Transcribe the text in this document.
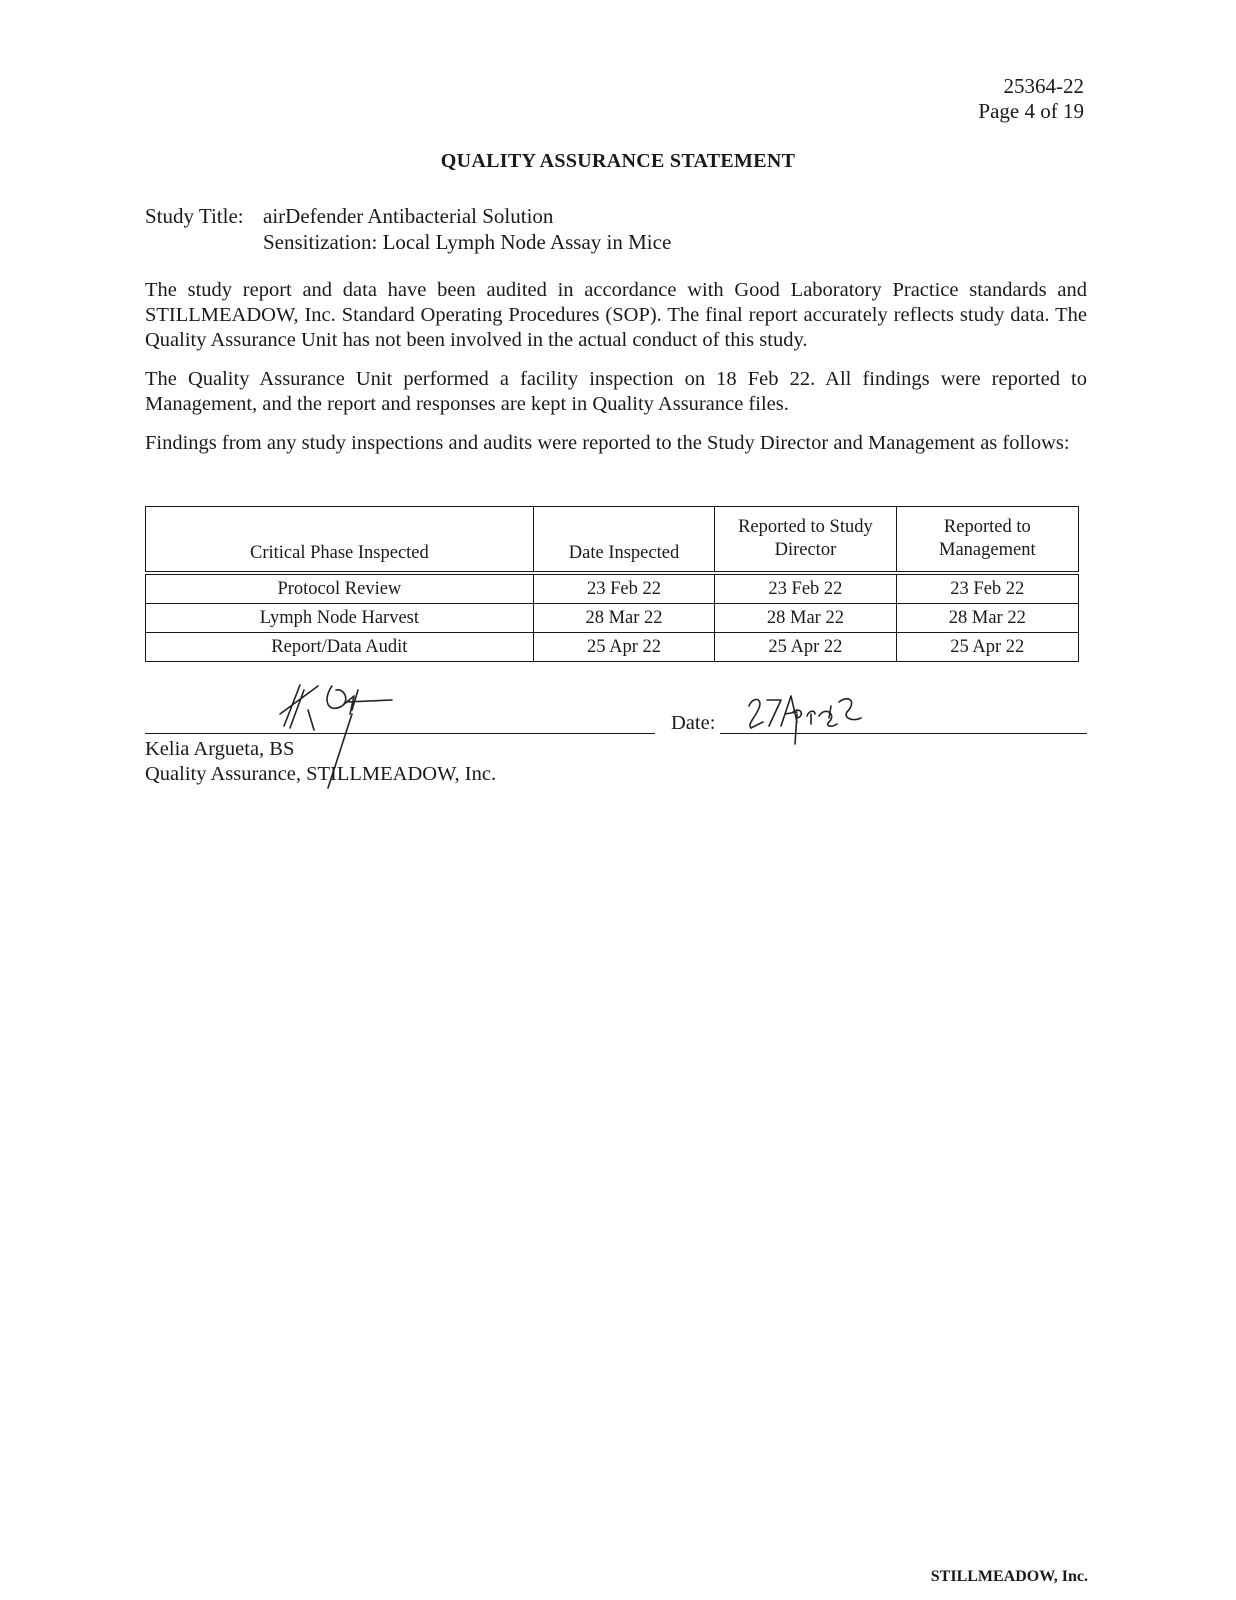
25364-22
Page 4 of 19
QUALITY ASSURANCE STATEMENT
Study Title: airDefender Antibacterial Solution
Sensitization: Local Lymph Node Assay in Mice

The study report and data have been audited in accordance with Good Laboratory Practice standards and STILLMEADOW, Inc. Standard Operating Procedures (SOP). The final report accurately reflects study data. The Quality Assurance Unit has not been involved in the actual conduct of this study.

The Quality Assurance Unit performed a facility inspection on 18 Feb 22. All findings were reported to Management, and the report and responses are kept in Quality Assurance files.

Findings from any study inspections and audits were reported to the Study Director and Management as follows:

Critical Phase Inspected	Date Inspected	Reported to Study Director	Reported to Management
Protocol Review	23 Feb 22	23 Feb 22	23 Feb 22
Lymph Node Harvest	28 Mar 22	28 Mar 22	28 Mar 22
Report/Data Audit	25 Apr 22	25 Apr 22	25 Apr 22
Kelia Argueta, BS
Quality Assurance, STILLMEADOW, Inc.
Date:
STILLMEADOW, Inc.
